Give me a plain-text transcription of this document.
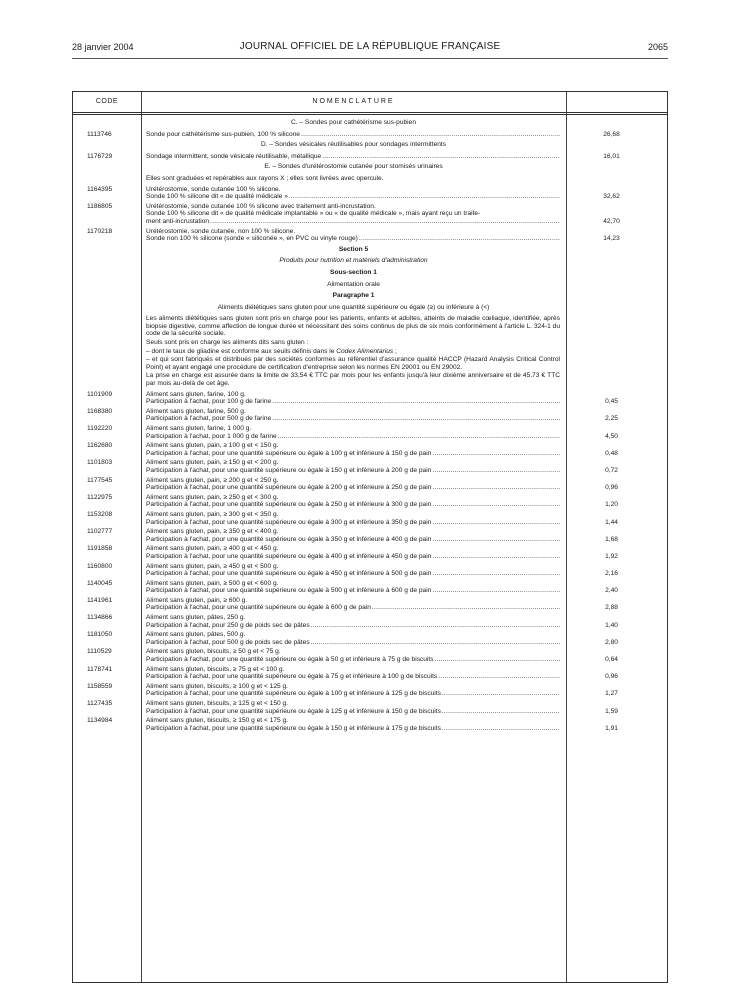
28 janvier 2004	JOURNAL OFFICIEL DE LA RÉPUBLIQUE FRANÇAISE	2065
CODE	NOMENCLATURE
C. – Sondes pour cathétérisme sus-pubien
1113746	Sonde pour cathétérisme sus-pubien, 100 % silicone .....	26,68
D. – Sondes vésicales réutilisables pour sondages intermittents
1176729	Sondage intermittent, sonde vésicale réutilisable, métallique .....	16,01
E. – Sondes d'urétérostomie cutanée pour stomisés urinaires
Elles sont graduées et repérables aux rayons X ; elles sont livrées avec opercule.
1164395	Urétérostomie, sonde cutanée 100 % silicone.
Sonde 100 % silicone dit « de qualité médicale » .....	32,62
1186805	Urétérostomie, sonde cutanée 100 % silicone avec traitement anti-incrustation.
Sonde 100 % silicone dit « de qualité médicale implantable » ou « de qualité médicale », mais ayant reçu un traite-
ment anti-incrustation .....	42,70
1170218	Urétérostomie, sonde cutanée, non 100 % silicone.
Sonde non 100 % silicone (sonde « siliconée », en PVC ou vinyle rouge) .....	14,23
Section 5
Produits pour nutrition et matériels d'administration
Sous-section 1
Alimentation orale
Paragraphe 1
Aliments diététiques sans gluten pour une quantité supérieure ou égale (≥) ou inférieure à (<)
Les aliments diététiques sans gluten sont pris en charge pour les patients, enfants et adultes, atteints de maladie cœliaque, identifiée, après biopsie digestive, comme affection de longue durée et nécessitant des soins continus de plus de six mois conformément à l'article L. 324-1 du code de la sécurité sociale.
Seuls sont pris en charge les aliments dits sans gluten :
– dont le taux de gliadine est conforme aux seuils définis dans le Codex Alimentarius ;
– et qui sont fabriqués et distribués par des sociétés conformes au référentiel d'assurance qualité HACCP (Hazard Analysis Critical Control Point) et ayant engagé une procédure de certification d'entreprise selon les normes EN 29001 ou EN 29002.
La prise en charge est assurée dans la limite de 33,54 € TTC par mois pour les enfants jusqu'à leur dixième anniversaire et de 45,73 € TTC par mois au-delà de cet âge.
1101909	Aliment sans gluten, farine, 100 g.
Participation à l'achat, pour 100 g de farine .....	0,45
1168380	Aliment sans gluten, farine, 500 g.
Participation à l'achat, pour 500 g de farine .....	2,25
1192220	Aliment sans gluten, farine, 1 000 g.
Participation à l'achat, pour 1 000 g de farine .....	4,50
1162680	Aliment sans gluten, pain, ≥ 100 g et < 150 g.
Participation à l'achat, pour une quantité supérieure ou égale à 100 g et inférieure à 150 g de pain .....	0,48
1101803	Aliment sans gluten, pain, ≥ 150 g et < 200 g.
Participation à l'achat, pour une quantité supérieure ou égale à 150 g et inférieure à 200 g de pain .....	0,72
1177545	Aliment sans gluten, pain, ≥ 200 g et < 250 g.
Participation à l'achat, pour une quantité supérieure ou égale à 200 g et inférieure à 250 g de pain .....	0,96
1122975	Aliment sans gluten, pain, ≥ 250 g et < 300 g.
Participation à l'achat, pour une quantité supérieure ou égale à 250 g et inférieure à 300 g de pain .....	1,20
1153208	Aliment sans gluten, pain, ≥ 300 g et < 350 g.
Participation à l'achat, pour une quantité supérieure ou égale à 300 g et inférieure à 350 g de pain .....	1,44
1102777	Aliment sans gluten, pain, ≥ 350 g et < 400 g.
Participation à l'achat, pour une quantité supérieure ou égale à 350 g et inférieure à 400 g de pain .....	1,68
1191858	Aliment sans gluten, pain, ≥ 400 g et < 450 g.
Participation à l'achat, pour une quantité supérieure ou égale à 400 g et inférieure à 450 g de pain .....	1,92
1160800	Aliment sans gluten, pain, ≥ 450 g et < 500 g.
Participation à l'achat, pour une quantité supérieure ou égale à 450 g et inférieure à 500 g de pain .....	2,16
1140045	Aliment sans gluten, pain, ≥ 500 g et < 600 g.
Participation à l'achat, pour une quantité supérieure ou égale à 500 g et inférieure à 600 g de pain .....	2,40
1141961	Aliment sans gluten, pain, ≥ 600 g.
Participation à l'achat, pour une quantité supérieure ou égale à 600 g de pain .....	2,88
1134866	Aliment sans gluten, pâtes, 250 g.
Participation à l'achat, pour 250 g de poids sec de pâtes .....	1,40
1181050	Aliment sans gluten, pâtes, 500 g.
Participation à l'achat, pour 500 g de poids sec de pâtes .....	2,80
1110529	Aliment sans gluten, biscuits, ≥ 50 g et < 75 g.
Participation à l'achat, pour une quantité supérieure ou égale à 50 g et inférieure à 75 g de biscuits .....	0,64
1178741	Aliment sans gluten, biscuits, ≥ 75 g et < 100 g.
Participation à l'achat, pour une quantité supérieure ou égale à 75 g et inférieure à 100 g de biscuits .....	0,96
1158559	Aliment sans gluten, biscuits, ≥ 100 g et < 125 g.
Participation à l'achat, pour une quantité supérieure ou égale à 100 g et inférieure à 125 g de biscuits .....	1,27
1127435	Aliment sans gluten, biscuits, ≥ 125 g et < 150 g.
Participation à l'achat, pour une quantité supérieure ou égale à 125 g et inférieure à 150 g de biscuits .....	1,59
1134984	Aliment sans gluten, biscuits, ≥ 150 g et < 175 g.
Participation à l'achat, pour une quantité supérieure ou égale à 150 g et inférieure à 175 g de biscuits .....	1,91
